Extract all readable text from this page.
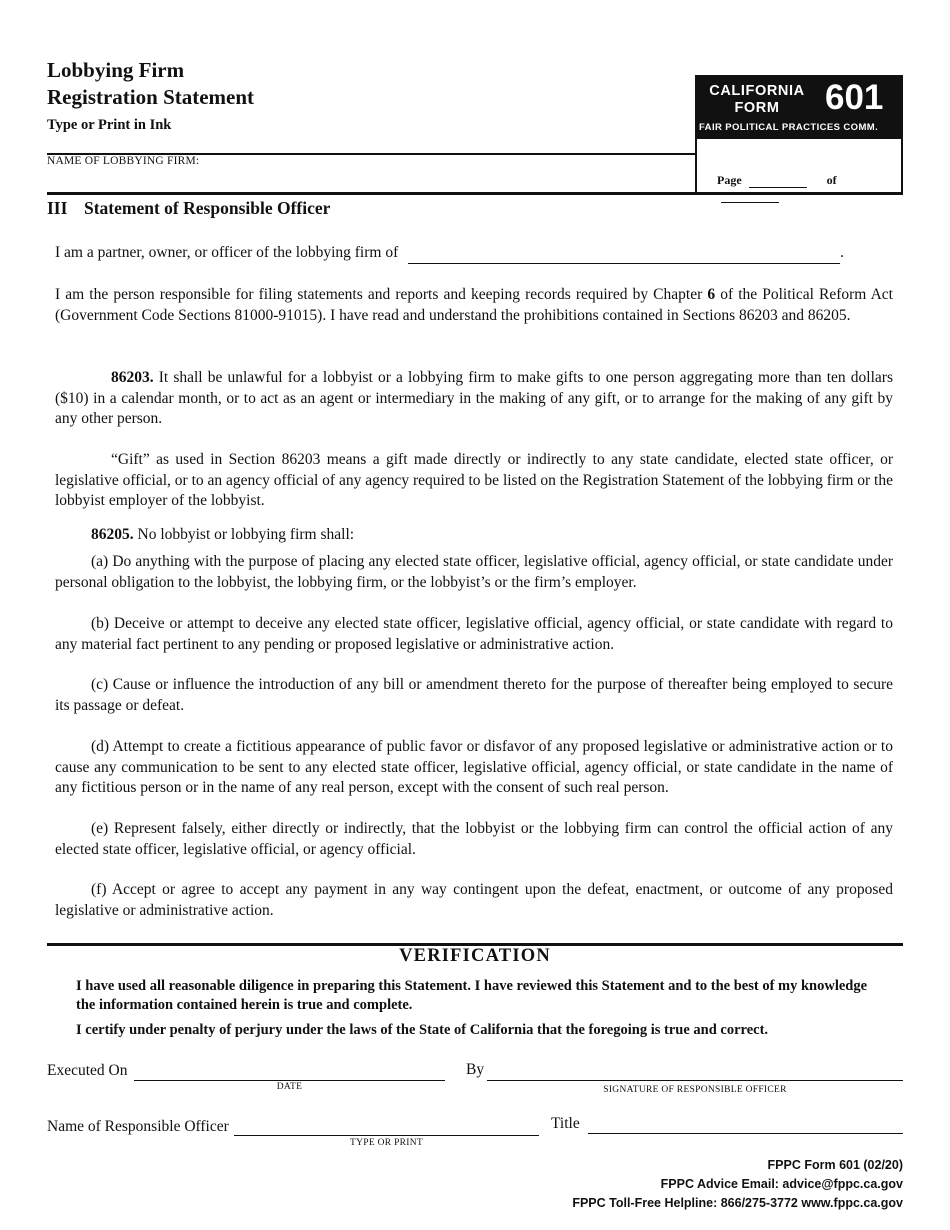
Lobbying Firm
Registration Statement
Type or Print in Ink
NAME OF LOBBYING FIRM:
CALIFORNIA
FORM	601
FAIR POLITICAL PRACTICES COMM.
Page	of
III Statement of Responsible Officer
I am a partner, owner, or officer of the lobbying firm of	.
I am the person responsible for filing statements and reports and keeping records required by Chapter 6 of the Political Reform Act (Government Code Sections 81000-91015). I have read and understand the prohibitions contained in Sections 86203 and 86205.
86203. It shall be unlawful for a lobbyist or a lobbying firm to make gifts to one person aggregating more than ten dollars ($10) in a calendar month, or to act as an agent or intermediary in the making of any gift, or to arrange for the making of any gift by any other person.
“Gift” as used in Section 86203 means a gift made directly or indirectly to any state candidate, elected state officer, or legislative official, or to an agency official of any agency required to be listed on the Registration Statement of the lobbying firm or the lobbyist employer of the lobbyist.
86205. No lobbyist or lobbying firm shall:
(a) Do anything with the purpose of placing any elected state officer, legislative official, agency official, or state candidate under personal obligation to the lobbyist, the lobbying firm, or the lobbyist’s or the firm’s employer.
(b) Deceive or attempt to deceive any elected state officer, legislative official, agency official, or state candidate with regard to any material fact pertinent to any pending or proposed legislative or administrative action.
(c) Cause or influence the introduction of any bill or amendment thereto for the purpose of thereafter being employed to secure its passage or defeat.
(d) Attempt to create a fictitious appearance of public favor or disfavor of any proposed legislative or administrative action or to cause any communication to be sent to any elected state officer, legislative official, agency official, or state candidate in the name of any fictitious person or in the name of any real person, except with the consent of such real person.
(e) Represent falsely, either directly or indirectly, that the lobbyist or the lobbying firm can control the official action of any elected state officer, legislative official, or agency official.
(f) Accept or agree to accept any payment in any way contingent upon the defeat, enactment, or outcome of any proposed legislative or administrative action.
VERIFICATION
I have used all reasonable diligence in preparing this Statement. I have reviewed this Statement and to the best of my knowledge the information contained herein is true and complete.
I certify under penalty of perjury under the laws of the State of California that the foregoing is true and correct.
Executed On
DATE
By
SIGNATURE OF RESPONSIBLE OFFICER
Name of Responsible Officer
TYPE OR PRINT
Title
FPPC Form 601 (02/20)
FPPC Advice Email: advice@fppc.ca.gov
FPPC Toll-Free Helpline: 866/275-3772 www.fppc.ca.gov
